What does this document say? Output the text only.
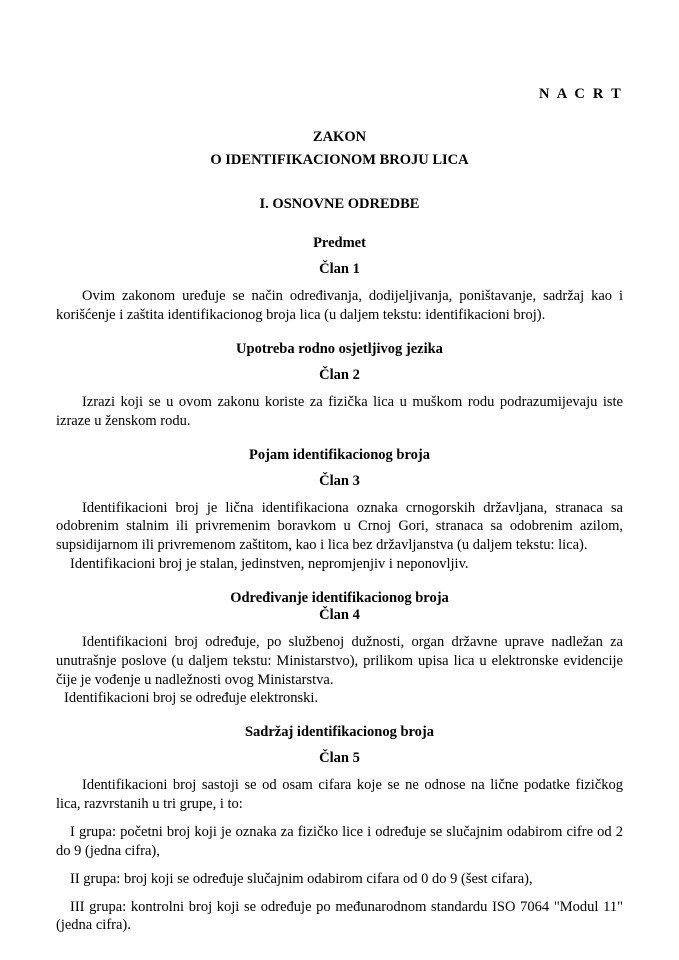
N A C R T
ZAKON
O IDENTIFIKACIONOM BROJU LICA
I. OSNOVNE ODREDBE
Predmet
Član 1

Ovim zakonom uređuje se način određivanja, dodijeljivanja, poništavanje, sadržaj kao i korišćenje i zaštita identifikacionog broja lica (u daljem tekstu: identifikacioni broj).

Upotreba rodno osjetljivog jezika
Član 2

Izrazi koji se u ovom zakonu koriste za fizička lica u muškom rodu podrazumijevaju iste izraze u ženskom rodu.

Pojam identifikacionog broja
Član 3

Identifikacioni broj je lična identifikaciona oznaka crnogorskih državljana, stranaca sa odobrenim stalnim ili privremenim boravkom u Crnoj Gori, stranaca sa odobrenim azilom, supsidijarnom ili privremenom zaštitom, kao i lica bez državljanstva (u daljem tekstu: lica).

Identifikacioni broj je stalan, jedinstven, nepromjenjiv i neponovljiv.

Određivanje identifikacionog broja
Član 4

Identifikacioni broj određuje, po službenoj dužnosti, organ državne uprave nadležan za unutrašnje poslove (u daljem tekstu: Ministarstvo), prilikom upisa lica u elektronske evidencije čije je vođenje u nadležnosti ovog Ministarstva.

Identifikacioni broj se određuje elektronski.

Sadržaj identifikacionog broja
Član 5

Identifikacioni broj sastoji se od osam cifara koje se ne odnose na lične podatke fizičkog lica, razvrstanih u tri grupe, i to:

I grupa: početni broj koji je oznaka za fizičko lice i određuje se slučajnim odabirom cifre od 2 do 9 (jedna cifra),

II grupa: broj koji se određuje slučajnim odabirom cifara od 0 do 9 (šest cifara),

III grupa: kontrolni broj koji se određuje po međunarodnom standardu ISO 7064 "Modul 11" (jedna cifra).
